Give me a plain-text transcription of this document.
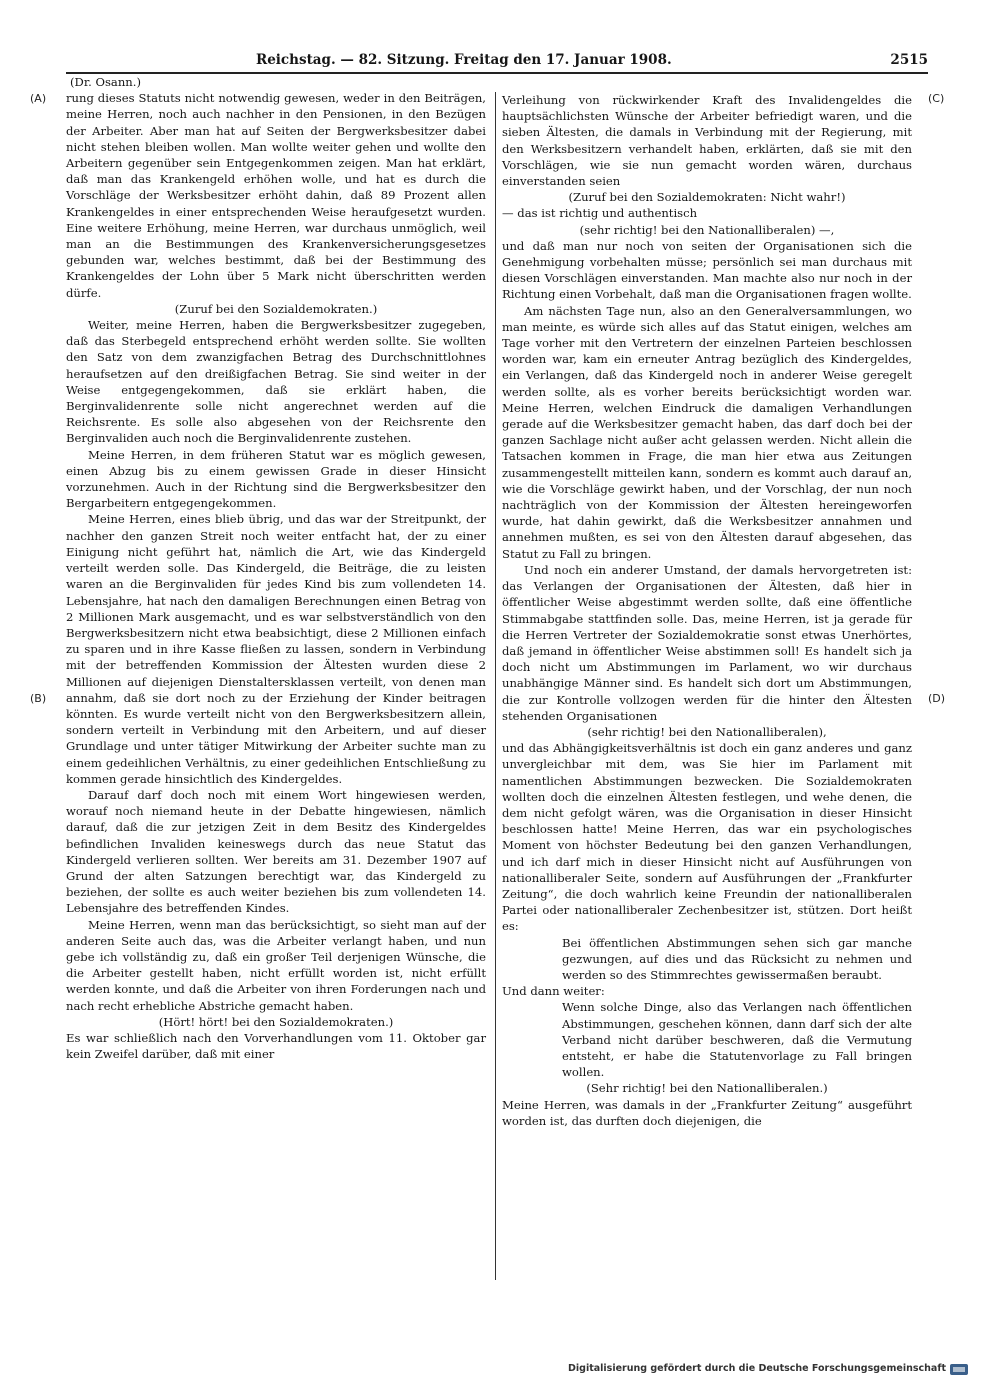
Reichstag. — 82. Sitzung. Freitag den 17. Januar 1908.	2515
(A)
(B)
(C)
(D)

(Dr. Osann.)

rung dieses Statuts nicht notwendig gewesen, weder in den Beiträgen, meine Herren, noch auch nachher in den Pensionen, in den Bezügen der Arbeiter. Aber man hat auf Seiten der Bergwerksbesitzer dabei nicht stehen bleiben wollen. Man wollte weiter gehen und wollte den Arbeitern gegenüber sein Entgegenkommen zeigen. Man hat erklärt, daß man das Krankengeld erhöhen wolle, und hat es durch die Vorschläge der Werksbesitzer erhöht dahin, daß 89 Prozent allen Krankengeldes in einer entsprechenden Weise heraufgesetzt wurden. Eine weitere Erhöhung, meine Herren, war durchaus unmöglich, weil man an die Bestimmungen des Krankenversicherungsgesetzes gebunden war, welches bestimmt, daß bei der Bestimmung des Krankengeldes der Lohn über 5 Mark nicht überschritten werden dürfe.

(Zuruf bei den Sozialdemokraten.)

Weiter, meine Herren, haben die Bergwerksbesitzer zugegeben, daß das Sterbegeld entsprechend erhöht werden sollte. Sie wollten den Satz von dem zwanzigfachen Betrag des Durchschnittlohnes heraufsetzen auf den dreißigfachen Betrag. Sie sind weiter in der Weise entgegengekommen, daß sie erklärt haben, die Berginvalidenrente solle nicht angerechnet werden auf die Reichsrente. Es solle also abgesehen von der Reichsrente den Berginvaliden auch noch die Berginvalidenrente zustehen.

Meine Herren, in dem früheren Statut war es möglich gewesen, einen Abzug bis zu einem gewissen Grade in dieser Hinsicht vorzunehmen. Auch in der Richtung sind die Bergwerksbesitzer den Bergarbeitern entgegengekommen.

Meine Herren, eines blieb übrig, und das war der Streitpunkt, der nachher den ganzen Streit noch weiter entfacht hat, der zu einer Einigung nicht geführt hat, nämlich die Art, wie das Kindergeld verteilt werden solle. Das Kindergeld, die Beiträge, die zu leisten waren an die Berginvaliden für jedes Kind bis zum vollendeten 14. Lebensjahre, hat nach den damaligen Berechnungen einen Betrag von 2 Millionen Mark ausgemacht, und es war selbstverständlich von den Bergwerksbesitzern nicht etwa beabsichtigt, diese 2 Millionen einfach zu sparen und in ihre Kasse fließen zu lassen, sondern in Verbindung mit der betreffenden Kommission der Ältesten wurden diese 2 Millionen auf diejenigen Dienstaltersklassen verteilt, von denen man annahm, daß sie dort noch zu der Erziehung der Kinder beitragen könnten. Es wurde verteilt nicht von den Bergwerksbesitzern allein, sondern verteilt in Verbindung mit den Arbeitern, und auf dieser Grundlage und unter tätiger Mitwirkung der Arbeiter suchte man zu einem gedeihlichen Verhältnis, zu einer gedeihlichen Entschließung zu kommen gerade hinsichtlich des Kindergeldes.

Darauf darf doch noch mit einem Wort hingewiesen werden, worauf noch niemand heute in der Debatte hingewiesen, nämlich darauf, daß die zur jetzigen Zeit in dem Besitz des Kindergeldes befindlichen Invaliden keineswegs durch das neue Statut das Kindergeld verlieren sollten. Wer bereits am 31. Dezember 1907 auf Grund der alten Satzungen berechtigt war, das Kindergeld zu beziehen, der sollte es auch weiter beziehen bis zum vollendeten 14. Lebensjahre des betreffenden Kindes.

Meine Herren, wenn man das berücksichtigt, so sieht man auf der anderen Seite auch das, was die Arbeiter verlangt haben, und nun gebe ich vollständig zu, daß ein großer Teil derjenigen Wünsche, die die Arbeiter gestellt haben, nicht erfüllt worden ist, nicht erfüllt werden konnte, und daß die Arbeiter von ihren Forderungen nach und nach recht erhebliche Abstriche gemacht haben.

(Hört! hört! bei den Sozialdemokraten.)

Es war schließlich nach den Vorverhandlungen vom 11. Oktober gar kein Zweifel darüber, daß mit einer

Verleihung von rückwirkender Kraft des Invalidengeldes die hauptsächlichsten Wünsche der Arbeiter befriedigt waren, und die sieben Ältesten, die damals in Verbindung mit der Regierung, mit den Werksbesitzern verhandelt haben, erklärten, daß sie mit den Vorschlägen, wie sie nun gemacht worden wären, durchaus einverstanden seien

(Zuruf bei den Sozialdemokraten: Nicht wahr!)

— das ist richtig und authentisch

(sehr richtig! bei den Nationalliberalen) —,

und daß man nur noch von seiten der Organisationen sich die Genehmigung vorbehalten müsse; persönlich sei man durchaus mit diesen Vorschlägen einverstanden. Man machte also nur noch in der Richtung einen Vorbehalt, daß man die Organisationen fragen wollte.

Am nächsten Tage nun, also an den Generalversammlungen, wo man meinte, es würde sich alles auf das Statut einigen, welches am Tage vorher mit den Vertretern der einzelnen Parteien beschlossen worden war, kam ein erneuter Antrag bezüglich des Kindergeldes, ein Verlangen, daß das Kindergeld noch in anderer Weise geregelt werden sollte, als es vorher bereits berücksichtigt worden war. Meine Herren, welchen Eindruck die damaligen Verhandlungen gerade auf die Werksbesitzer gemacht haben, das darf doch bei der ganzen Sachlage nicht außer acht gelassen werden. Nicht allein die Tatsachen kommen in Frage, die man hier etwa aus Zeitungen zusammengestellt mitteilen kann, sondern es kommt auch darauf an, wie die Vorschläge gewirkt haben, und der Vorschlag, der nun noch nachträglich von der Kommission der Ältesten hereingeworfen wurde, hat dahin gewirkt, daß die Werksbesitzer annahmen und annehmen mußten, es sei von den Ältesten darauf abgesehen, das Statut zu Fall zu bringen.

Und noch ein anderer Umstand, der damals hervorgetreten ist: das Verlangen der Organisationen der Ältesten, daß hier in öffentlicher Weise abgestimmt werden sollte, daß eine öffentliche Stimmabgabe stattfinden solle. Das, meine Herren, ist ja gerade für die Herren Vertreter der Sozialdemokratie sonst etwas Unerhörtes, daß jemand in öffentlicher Weise abstimmen soll! Es handelt sich ja doch nicht um Abstimmungen im Parlament, wo wir durchaus unabhängige Männer sind. Es handelt sich dort um Abstimmungen, die zur Kontrolle vollzogen werden für die hinter den Ältesten stehenden Organisationen

(sehr richtig! bei den Nationalliberalen),

und das Abhängigkeitsverhältnis ist doch ein ganz anderes und ganz unvergleichbar mit dem, was Sie hier im Parlament mit namentlichen Abstimmungen bezwecken. Die Sozialdemokraten wollten doch die einzelnen Ältesten festlegen, und wehe denen, die dem nicht gefolgt wären, was die Organisation in dieser Hinsicht beschlossen hatte! Meine Herren, das war ein psychologisches Moment von höchster Bedeutung bei den ganzen Verhandlungen, und ich darf mich in dieser Hinsicht nicht auf Ausführungen von nationalliberaler Seite, sondern auf Ausführungen der „Frankfurter Zeitung“, die doch wahrlich keine Freundin der nationalliberalen Partei oder nationalliberaler Zechenbesitzer ist, stützen. Dort heißt es:

Bei öffentlichen Abstimmungen sehen sich gar manche gezwungen, auf dies und das Rücksicht zu nehmen und werden so des Stimmrechtes gewissermaßen beraubt.

Und dann weiter:

Wenn solche Dinge, also das Verlangen nach öffentlichen Abstimmungen, geschehen können, dann darf sich der alte Verband nicht darüber beschweren, daß die Vermutung entsteht, er habe die Statutenvorlage zu Fall bringen wollen.

(Sehr richtig! bei den Nationalliberalen.)

Meine Herren, was damals in der „Frankfurter Zeitung“ ausgeführt worden ist, das durften doch diejenigen, die

Digitalisierung gefördert durch die Deutsche Forschungsgemeinschaft
